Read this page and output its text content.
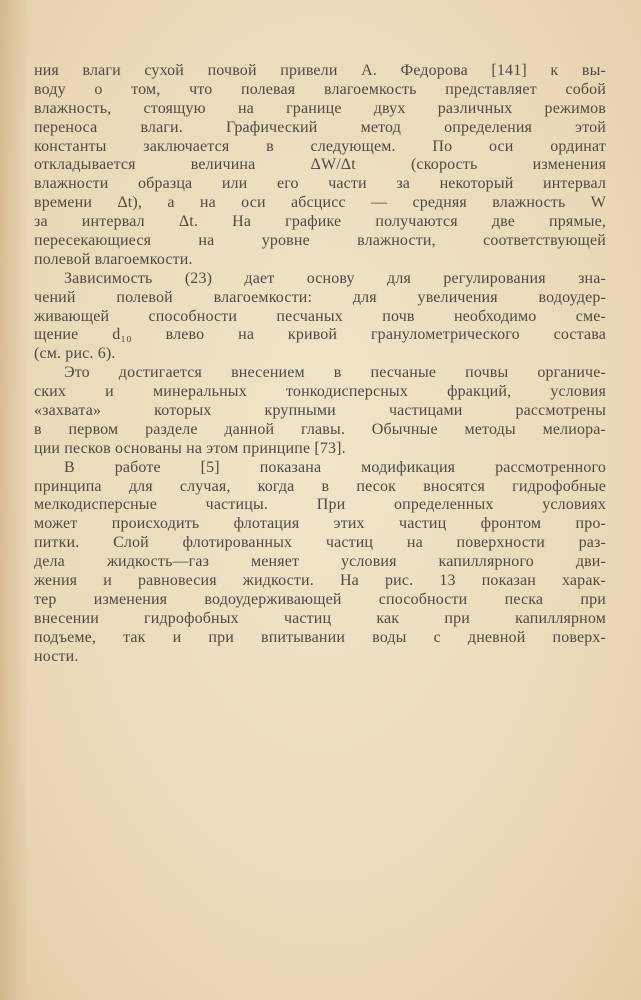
ния влаги сухой почвой привели А. Федорова [141] к вы-
воду о том, что полевая влагоемкость представляет собой
влажность, стоящую на границе двух различных режимов
переноса влаги. Графический метод определения этой
константы заключается в следующем. По оси ординат
откладывается величина ΔW/Δt (скорость изменения
влажности образца или его части за некоторый интервал
времени Δt), а на оси абсцисс — средняя влажность W
за интервал Δt. На графике получаются две прямые,
пересекающиеся на уровне влажности, соответствующей
полевой влагоемкости.
Зависимость (23) дает основу для регулирования зна-
чений полевой влагоемкости: для увеличения водоудер-
живающей способности песчаных почв необходимо сме-
щение d₁₀ влево на кривой гранулометрического состава
(см. рис. 6).
Это достигается внесением в песчаные почвы органиче-
ских и минеральных тонкодисперсных фракций, условия
«захвата» которых крупными частицами рассмотрены
в первом разделе данной главы. Обычные методы мелиора-
ции песков основаны на этом принципе [73].
В работе [5] показана модификация рассмотренного
принципа для случая, когда в песок вносятся гидрофобные
мелкодисперсные частицы. При определенных условиях
может происходить флотация этих частиц фронтом про-
питки. Слой флотированных частиц на поверхности раз-
дела жидкость—газ меняет условия капиллярного дви-
жения и равновесия жидкости. На рис. 13 показан харак-
тер изменения водоудерживающей способности песка при
внесении гидрофобных частиц как при капиллярном
подъеме, так и при впитывании воды с дневной поверх-
ности.
